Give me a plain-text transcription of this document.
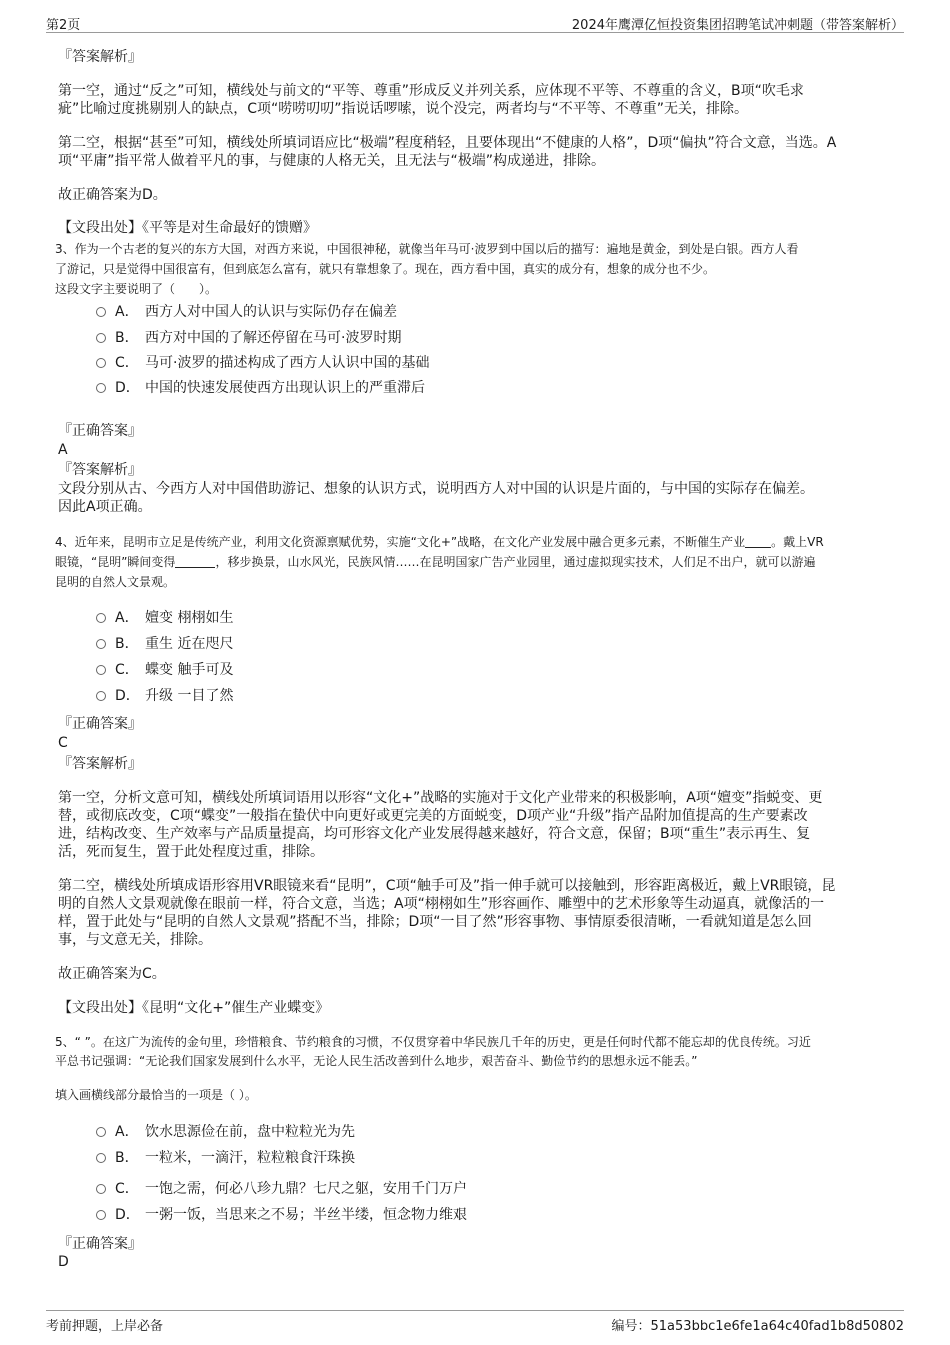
第2页	2024年鹰潭亿恒投资集团招聘笔试冲刺题（带答案解析）
『答案解析』
第一空，通过“反之”可知，横线处与前文的“平等、尊重”形成反义并列关系，应体现不平等、不尊重的含义，B项“吹毛求
疵”比喻过度挑剔别人的缺点，C项“唠唠叨叨”指说话啰嗦，说个没完，两者均与“不平等、不尊重”无关，排除。
第二空，根据“甚至”可知，横线处所填词语应比“极端”程度稍轻，且要体现出“不健康的人格”，D项“偏执”符合文意，当选。A
项“平庸”指平常人做着平凡的事，与健康的人格无关，且无法与“极端”构成递进，排除。
故正确答案为D。
【文段出处】《平等是对生命最好的馈赠》
3、作为一个古老的复兴的东方大国，对西方来说，中国很神秘，就像当年马可·波罗到中国以后的描写：遍地是黄金，到处是白银。西方人看
了游记，只是觉得中国很富有，但到底怎么富有，就只有靠想象了。现在，西方看中国，真实的成分有，想象的成分也不少。
这段文字主要说明了（　　）。
A． 西方人对中国人的认识与实际仍存在偏差
B． 西方对中国的了解还停留在马可·波罗时期
C． 马可·波罗的描述构成了西方人认识中国的基础
D． 中国的快速发展使西方出现认识上的严重滞后
『正确答案』
A
『答案解析』
文段分别从古、今西方人对中国借助游记、想象的认识方式，说明西方人对中国的认识是片面的，与中国的实际存在偏差。
因此A项正确。
4、近年来，昆明市立足是传统产业，利用文化资源禀赋优势，实施“文化+”战略，在文化产业发展中融合更多元素，不断催生产业 。戴上VR
眼镜，“昆明”瞬间变得	，移步换景，山水风光，民族风情……在昆明国家广告产业园里，通过虚拟现实技术，人们足不出户，就可以游遍
昆明的自然人文景观。
A． 嬗变 栩栩如生
B． 重生 近在咫尺
C． 蝶变 触手可及
D． 升级 一目了然
『正确答案』
C
『答案解析』
第一空，分析文意可知，横线处所填词语用以形容“文化+”战略的实施对于文化产业带来的积极影响，A项“嬗变”指蜕变、更
替，或彻底改变，C项“蝶变”一般指在蛰伏中向更好或更完美的方面蜕变，D项产业“升级”指产品附加值提高的生产要素改
进，结构改变、生产效率与产品质量提高，均可形容文化产业发展得越来越好，符合文意，保留；B项“重生”表示再生、复
活，死而复生，置于此处程度过重，排除。
第二空，横线处所填成语形容用VR眼镜来看“昆明”，C项“触手可及”指一伸手就可以接触到，形容距离极近，戴上VR眼镜，昆
明的自然人文景观就像在眼前一样，符合文意，当选；A项“栩栩如生”形容画作、雕塑中的艺术形象等生动逼真，就像活的一
样，置于此处与“昆明的自然人文景观”搭配不当，排除；D项“一目了然”形容事物、事情原委很清晰，一看就知道是怎么回
事，与文意无关，排除。
故正确答案为C。
【文段出处】《昆明“文化+”催生产业蝶变》
5、“ ”。在这广为流传的金句里，珍惜粮食、节约粮食的习惯，不仅贯穿着中华民族几千年的历史，更是任何时代都不能忘却的优良传统。习近
平总书记强调：“无论我们国家发展到什么水平，无论人民生活改善到什么地步，艰苦奋斗、勤俭节约的思想永远不能丢。”
填入画横线部分最恰当的一项是（ ）。
A． 饮水思源俭在前，盘中粒粒光为先
B． 一粒米，一滴汗，粒粒粮食汗珠换
C． 一饱之需，何必八珍九鼎？七尺之躯，安用千门万户
D． 一粥一饭，当思来之不易；半丝半缕，恒念物力维艰
『正确答案』
D
考前押题，上岸必备	编号：51a53bbc1e6fe1a64c40fad1b8d50802
